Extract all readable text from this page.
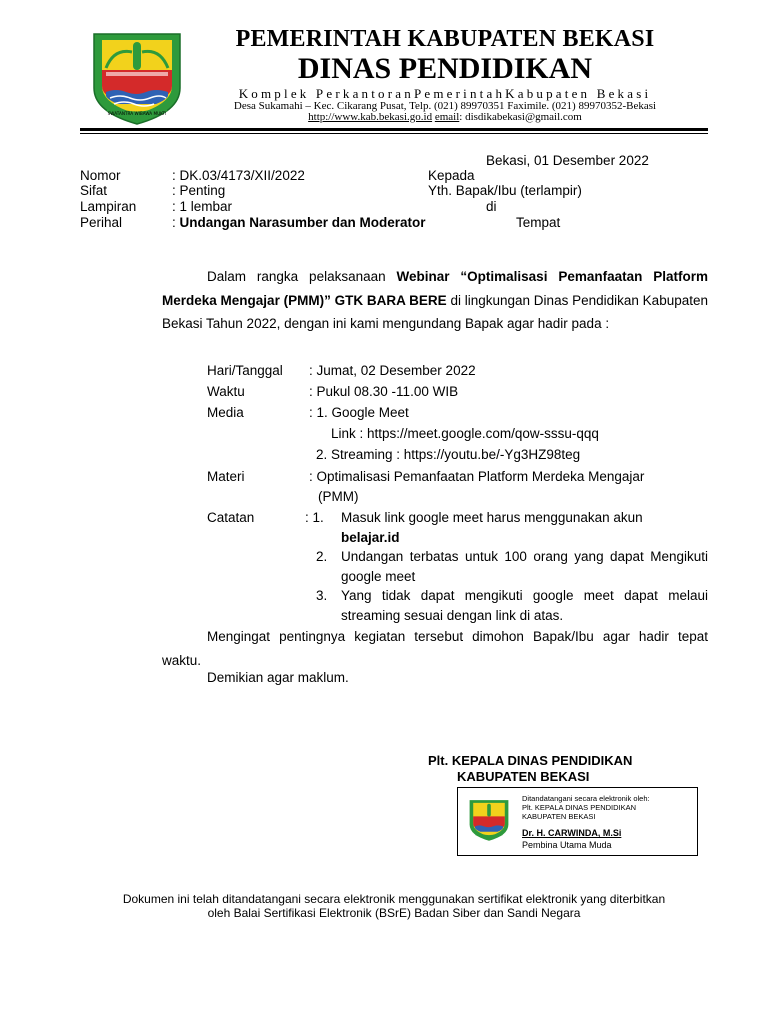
SWATANTRA WIBAWA MUKTI
PEMERINTAH KABUPATEN BEKASI
DINAS PENDIDIKAN
Komplek PerkantoranPemerintahKabupaten Bekasi
Desa Sukamahi – Kec. Cikarang Pusat, Telp. (021) 89970351 Faximile. (021) 89970352-Bekasi
http://www.kab.bekasi.go.id email: disdikabekasi@gmail.com
Bekasi, 01 Desember 2022
Nomor	: DK.03/4173/XII/2022
Sifat	: Penting
Lampiran	: 1 lembar
Perihal	: Undangan Narasumber dan Moderator
Kepada
Yth. Bapak/Ibu (terlampir)
di
Tempat
Dalam rangka pelaksanaan Webinar “Optimalisasi Pemanfaatan Platform Merdeka Mengajar (PMM)” GTK BARA BERE di lingkungan Dinas Pendidikan Kabupaten Bekasi Tahun 2022, dengan ini kami mengundang Bapak agar hadir pada :
Hari/Tanggal : Jumat, 02 Desember 2022
Waktu	: Pukul 08.30 -11.00 WIB
Media	: 1. Google Meet
Link : https://meet.google.com/qow-sssu-qqq
2. Streaming : https://youtu.be/-Yg3HZ98teg
Materi	: Optimalisasi Pemanfaatan Platform Merdeka Mengajar
(PMM)
Catatan	: 1. Masuk link google meet harus menggunakan akun
belajar.id
2. Undangan terbatas untuk 100 orang yang dapat Mengikuti google meet
3. Yang tidak dapat mengikuti google meet dapat melaui streaming sesuai dengan link di atas.
Mengingat pentingnya kegiatan tersebut dimohon Bapak/Ibu agar hadir tepat waktu.
Demikian agar maklum.
Plt. KEPALA DINAS PENDIDIKAN
KABUPATEN BEKASI
Ditandatangani secara elektronik oleh:
Plt. KEPALA DINAS PENDIDIKAN
KABUPATEN BEKASI
Dr. H. CARWINDA, M.Si
Pembina Utama Muda
Dokumen ini telah ditandatangani secara elektronik menggunakan sertifikat elektronik yang diterbitkan
oleh Balai Sertifikasi Elektronik (BSrE) Badan Siber dan Sandi Negara
